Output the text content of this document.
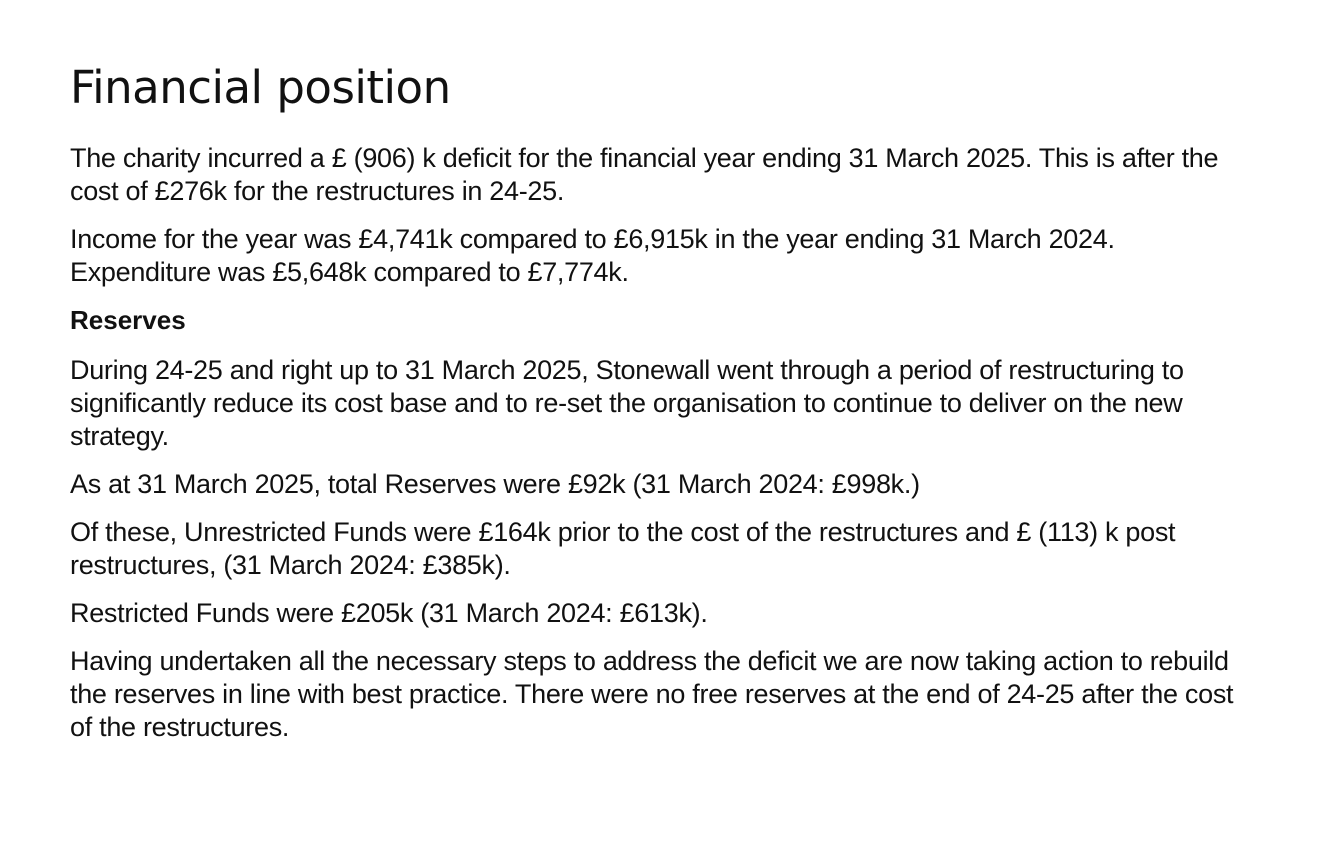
Financial position

The charity incurred a £ (906) k deficit for the financial year ending 31 March 2025. This is after the cost of £276k for the restructures in 24-25.

Income for the year was £4,741k compared to £6,915k in the year ending 31 March 2024. Expenditure was £5,648k compared to £7,774k.

Reserves

During 24-25 and right up to 31 March 2025, Stonewall went through a period of restructuring to significantly reduce its cost base and to re-set the organisation to continue to deliver on the new strategy.

As at 31 March 2025, total Reserves were £92k (31 March 2024: £998k.)

Of these, Unrestricted Funds were £164k prior to the cost of the restructures and £ (113) k post restructures, (31 March 2024: £385k).

Restricted Funds were £205k (31 March 2024: £613k).

Having undertaken all the necessary steps to address the deficit we are now taking action to rebuild the reserves in line with best practice. There were no free reserves at the end of 24-25 after the cost of the restructures.
